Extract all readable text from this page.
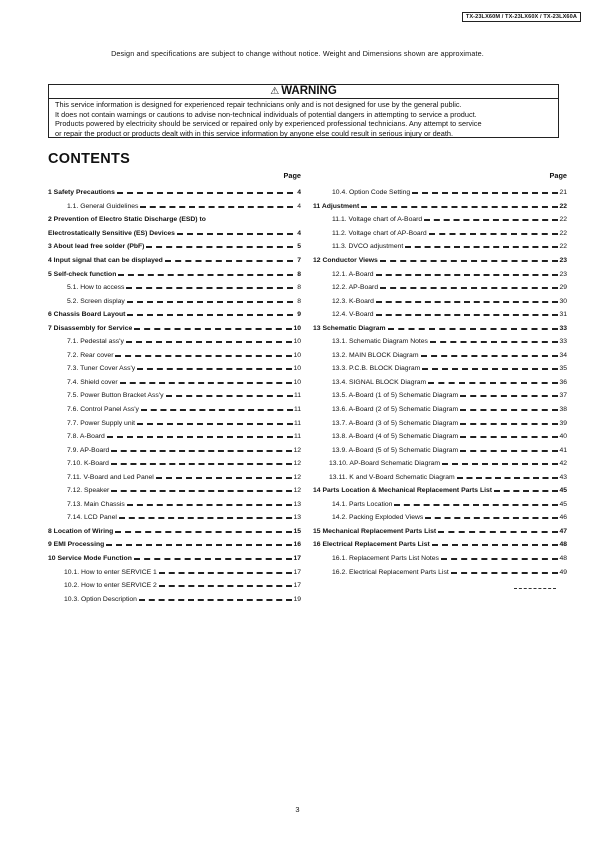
TX-23LX60M / TX-23LX60X / TX-23LX60A
Design and specifications are subject to change without notice. Weight and Dimensions shown are approximate.
⚠ WARNING
This service information is designed for experienced repair technicians only and is not designed for use by the general public.
It does not contain warnings or cautions to advise non-technical individuals of potential dangers in attempting to service a product.
Products powered by electricity should be serviced or repaired only by experienced professional technicians. Any attempt to service
or repair the product or products dealt with in this service information by anyone else could result in serious injury or death.
CONTENTS
Page
1 Safety Precautions	4
1.1. General Guidelines	4
2 Prevention of Electro Static Discharge (ESD) to
Electrostatically Sensitive (ES) Devices	4
3 About lead free solder (PbF)	5
4 Input signal that can be displayed	7
5 Self-check function	8
5.1. How to access	8
5.2. Screen display	8
6 Chassis Board Layout	9
7 Disassembly for Service	10
7.1. Pedestal ass'y	10
7.2. Rear cover	10
7.3. Tuner Cover Ass'y	10
7.4. Shield cover	10
7.5. Power Button Bracket Ass'y	11
7.6. Control Panel Ass'y	11
7.7. Power Supply unit	11
7.8. A-Board	11
7.9. AP-Board	12
7.10. K-Board	12
7.11. V-Board and Led Panel	12
7.12. Speaker	12
7.13. Main Chassis	13
7.14. LCD Panel	13
8 Location of Wiring	15
9 EMI Processing	16
10 Service Mode Function	17
10.1. How to enter SERVICE 1	17
10.2. How to enter SERVICE 2	17
10.3. Option Description	19
Page
10.4. Option Code Setting	21
11 Adjustment	22
11.1. Voltage chart of A-Board	22
11.2. Voltage chart of AP-Board	22
11.3. DVCO adjustment	22
12 Conductor Views	23
12.1. A-Board	23
12.2. AP-Board	29
12.3. K-Board	30
12.4. V-Board	31
13 Schematic Diagram	33
13.1. Schematic Diagram Notes	33
13.2. MAIN BLOCK Diagram	34
13.3. P.C.B. BLOCK Diagram	35
13.4. SIGNAL BLOCK Diagram	36
13.5. A-Board (1 of 5) Schematic Diagram	37
13.6. A-Board (2 of 5) Schematic Diagram	38
13.7. A-Board (3 of 5) Schematic Diagram	39
13.8. A-Board (4 of 5) Schematic Diagram	40
13.9. A-Board (5 of 5) Schematic Diagram	41
13.10. AP-Board Schematic Diagram	42
13.11. K and V-Board Schematic Diagram	43
14 Parts Location & Mechanical Replacement Parts List	45
14.1. Parts Location	45
14.2. Packing Exploded Views	46
15 Mechanical Replacement Parts List	47
16 Electrical Replacement Parts List	48
16.1. Replacement Parts List Notes	48
16.2. Electrical Replacement Parts List	49
3
